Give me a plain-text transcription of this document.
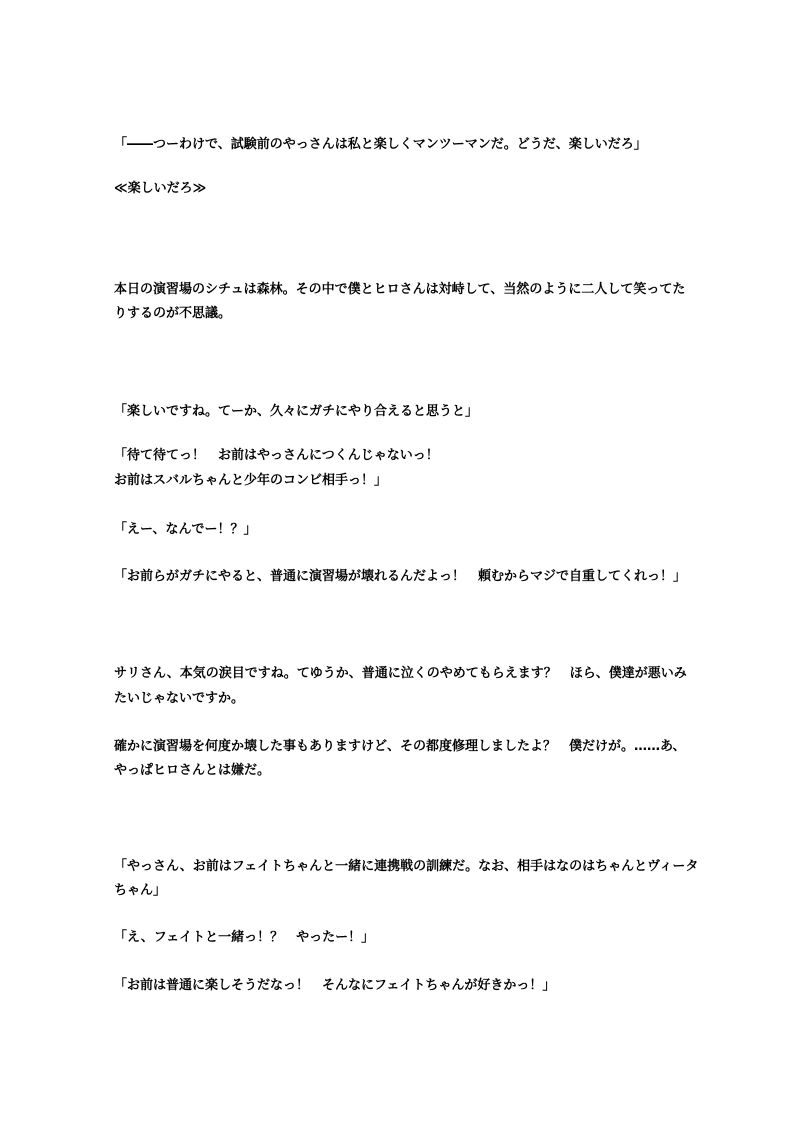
「――つーわけで、試験前のやっさんは私と楽しくマンツーマンだ。どうだ、楽しいだろ」
≪楽しいだろ≫
本日の演習場のシチュは森林。その中で僕とヒロさんは対峙して、当然のように二人して笑ってた
りするのが不思議。
「楽しいですね。てーか、久々にガチにやり合えると思うと」
「待て待てっ！　お前はやっさんにつくんじゃないっ！
お前はスバルちゃんと少年のコンビ相手っ！」
「えー、なんでー！？」
「お前らがガチにやると、普通に演習場が壊れるんだよっ！　頼むからマジで自重してくれっ！」
サリさん、本気の涙目ですね。てゆうか、普通に泣くのやめてもらえます？　ほら、僕達が悪いみ
たいじゃないですか。
確かに演習場を何度か壊した事もありますけど、その都度修理しましたよ？　僕だけが。……あ、
やっぱヒロさんとは嫌だ。
「やっさん、お前はフェイトちゃんと一緒に連携戦の訓練だ。なお、相手はなのはちゃんとヴィータ
ちゃん」
「え、フェイトと一緒っ！？　やったー！」
「お前は普通に楽しそうだなっ！　そんなにフェイトちゃんが好きかっ！」
